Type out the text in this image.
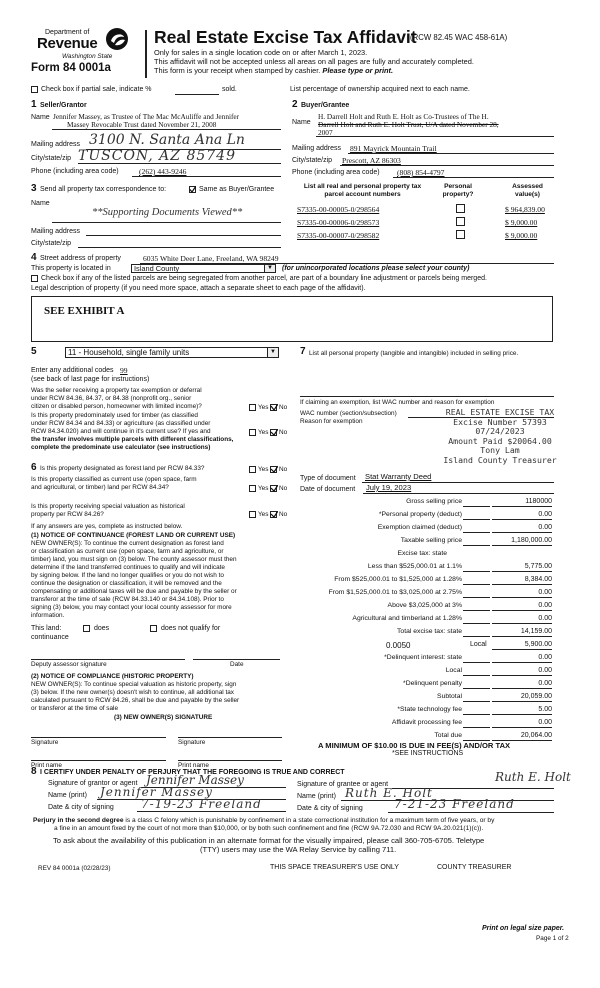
Department of
Revenue
Washington State
Form 84 0001a
Real Estate Excise Tax Affidavit
(RCW 82.45 WAC 458-61A)
Only for sales in a single location code on or after March 1, 2023.
This affidavit will not be accepted unless all areas on all pages are fully and accurately completed.
This form is your receipt when stamped by cashier. Please type or print.
Check box if partial sale, indicate %	sold.	List percentage of ownership acquired next to each name.
1 Seller/Grantor
Name Jennifer Massey, as Trustee of The Mac McAuliffe and Jennifer
Massey Revocable Trust dated November 21, 2008
Mailing address 3100 N. Santa Ana Ln
City/state/zip TUSCON, AZ 85749
Phone (including area code)	(262) 443-9246
2 Buyer/Grantee
Name
H. Darrell Holt and Ruth E. Holt as Co-Trustees of The H.
Darrell Holt and Ruth E. Holt Trust, U/A dated November 28,
2007
Mailing address 891 Mayrick Mountain Trail
City/state/zip Prescott, AZ 86303
Phone (including area code) (808) 854-4797
3 Send all property tax correspondence to:	Same as Buyer/Grantee
Name
**Supporting Documents Viewed**
Mailing address
City/state/zip
List all real and personal property tax parcel account numbers
Personal property?
Assessed value(s)
S7335-00-00005-0/298564	$ 964,839.00
S7335-00-00006-0/298573	$ 9,000.00
S7335-00-00007-0/298582	$ 9,000.00
4 Street address of property	6035 White Deer Lane, Freeland, WA 98249
This property is located in	Island County	▼ (for unincorporated locations please select your county)
Check box if any of the listed parcels are being segregated from another parcel, are part of a boundary line adjustment or parcels being merged.
Legal description of property (if you need more space, attach a separate sheet to each page of the affidavit).
SEE EXHIBIT A
5	11 - Household, single family units	▼
Enter any additional codes 99
(see back of last page for instructions)
Was the seller receiving a property tax exemption or deferral
under RCW 84.36, 84.37, or 84.38 (nonprofit org., senior
citizen or disabled person, homeowner with limited income)?	Yes No
Is this property predominately used for timber (as classified
under RCW 84.34 and 84.33) or agriculture (as classified under
RCW 84.34.020) and will continue in it's current use? If yes and
the transfer involves multiple parcels with different classifications,
complete the predominate use calculator (see instructions)
Yes No
6 Is this property designated as forest land per RCW 84.33?	Yes No
Is this property classified as current use (open space, farm
and agricultural, or timber) land per RCW 84.34?	Yes No
Is this property receiving special valuation as historical
property per RCW 84.26?	Yes No
If any answers are yes, complete as instructed below.
(1) NOTICE OF CONTINUANCE (FOREST LAND OR CURRENT USE)
NEW OWNER(S): To continue the current designation as forest land
or classification as current use (open space, farm and agriculture, or
timber) land, you must sign on (3) below. The county assessor must then
determine if the land transferred continues to qualify and will indicate
by signing below. If the land no longer qualifies or you do not wish to
continue the designation or classification, it will be removed and the
compensating or additional taxes will be due and payable by the seller or
transferor at the time of sale (RCW 84.33.140 or 84.34.108). Prior to
signing (3) below, you may contact your local county assessor for more
information.
This land:	does	does not qualify for
continuance
Deputy assessor signature	Date
(2) NOTICE OF COMPLIANCE (HISTORIC PROPERTY)
NEW OWNER(S): To continue special valuation as historic property, sign
(3) below. If the new owner(s) doesn't wish to continue, all additional tax
calculated pursuant to RCW 84.26, shall be due and payable by the seller
or transferor at the time of sale
(3) NEW OWNER(S) SIGNATURE
Signature	Signature
Print name	Print name
7 List all personal property (tangible and intangible) included in selling price.
If claiming an exemption, list WAC number and reason for exemption
WAC number (section/subsection)
Reason for exemption
REAL ESTATE EXCISE TAX
Excise Number 57393
07/24/2023
Amount Paid $20064.00
Tony Lam
Island County Treasurer
Type of document Stat Warranty Deed
Date of document July 19, 2023
Gross selling price	1180000
*Personal property (deduct)	0.00
Exemption claimed (deduct)	0.00
Taxable selling price	1,180,000.00
Excise tax: state
Less than $525,000.01 at 1.1%	5,775.00
From $525,000.01 to $1,525,000 at 1.28%	8,384.00
From $1,525,000.01 to $3,025,000 at 2.75%	0.00
Above $3,025,000 at 3%	0.00
Agricultural and timberland at 1.28%	0.00
Total excise tax: state	14,159.00
0.0050	Local	5,900.00
*Delinquent interest: state	0.00
Local	0.00
*Delinquent penalty	0.00
Subtotal	20,059.00
*State technology fee	5.00
Affidavit processing fee	0.00
Total due	20,064.00
A MINIMUM OF $10.00 IS DUE IN FEE(S) AND/OR TAX
*SEE INSTRUCTIONS
8 I CERTIFY UNDER PENALTY OF PERJURY THAT THE FOREGOING IS TRUE AND CORRECT
Signature of grantor or agent Jennifer Massey
Name (print) Jennifer Massey
Date & city of signing 7-19-23 Freeland
Signature of grantee or agent
Ruth E. Holt
Name (print) Ruth E. Holt
Date & city of signing	7-21-23 Freeland
Perjury in the second degree is a class C felony which is punishable by confinement in a state correctional institution for a maximum term of five years, or by
a fine in an amount fixed by the court of not more than $10,000, or by both such confinement and fine (RCW 9A.72.030 and RCW 9A.20.021(1)(c)).
To ask about the availability of this publication in an alternate format for the visually impaired, please call 360-705-6705. Teletype
(TTY) users may use the WA Relay Service by calling 711.
REV 84 0001a (02/28/23)	THIS SPACE TREASURER'S USE ONLY	COUNTY TREASURER
Print on legal size paper.
Page 1 of 2
